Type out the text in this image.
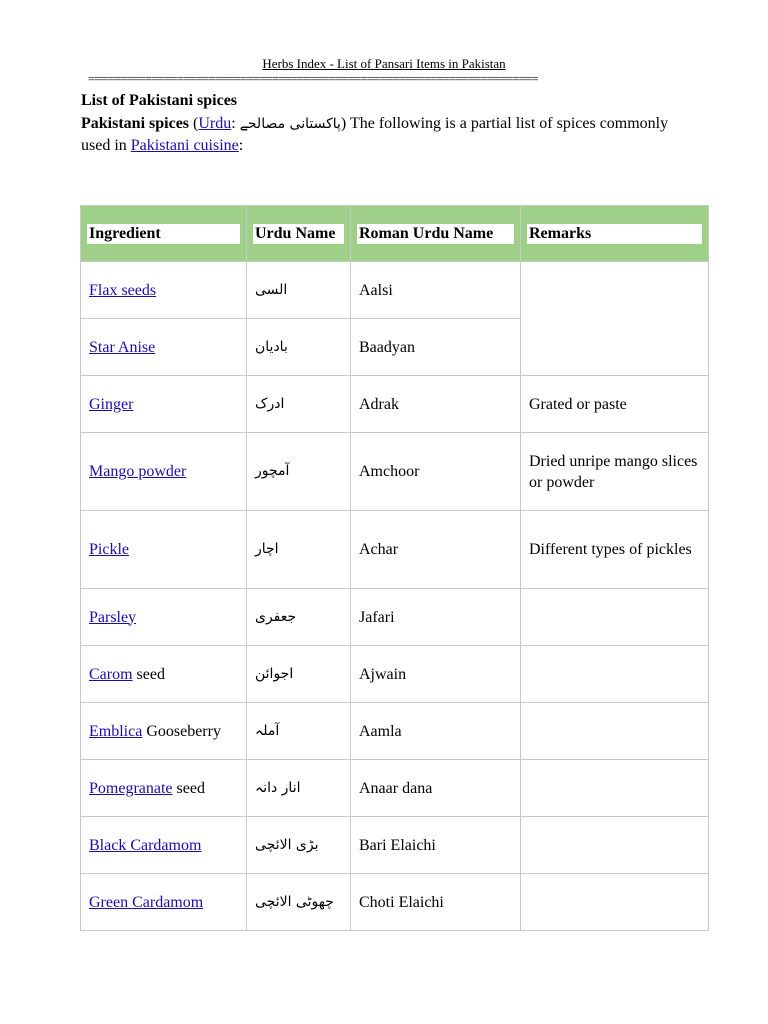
Herbs Index - List of Pansari Items in Pakistan
=======================================================================
List of Pakistani spices
Pakistani spices (Urdu: پاکستانی مصالحے) The following is a partial list of spices commonly used in Pakistani cuisine:
Ingredient	Urdu Name	Roman Urdu Name	Remarks

Flax seeds	السی	Aalsi	

Star Anise	بادیان	Baadyan	

Ginger	ادرک	Adrak	Grated or paste

Mango powder	آمچور	Amchoor	Dried unripe mango slices or powder

Pickle	اچار	Achar	Different types of pickles

Parsley	جعفری	Jafari	

Carom seed	اجوائن	Ajwain	

Emblica Gooseberry	آملہ	Aamla	

Pomegranate seed	انار دانہ	Anaar dana	

Black Cardamom	بڑی الائچی	Bari Elaichi	

Green Cardamom	چھوٹی الائچی	Choti Elaichi	
